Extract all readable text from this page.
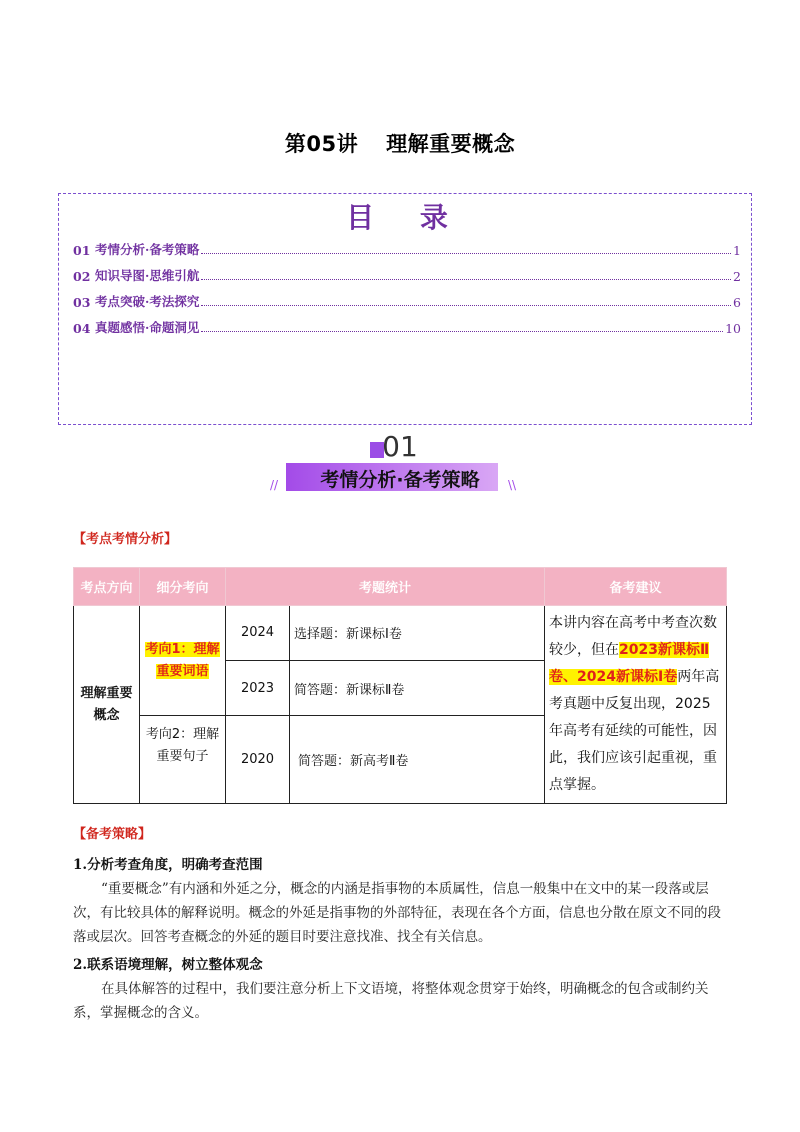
第05讲 理解重要概念
目 录
01 考情分析·备考策略	1
02 知识导图·思维引航	2
03 考点突破·考法探究	6
04 真题感悟·命题洞见	10
01
//	\\
考情分析·备考策略
【考点考情分析】
考点方向	细分考向	考题统计		备考建议
理解重要概念	考向1：理解重要词语	2024	选择题：新课标Ⅰ卷	本讲内容在高考中考查次数较少，但在2023新课标Ⅱ卷、2024新课标Ⅰ卷两年高考真题中反复出现，2025年高考有延续的可能性，因此，我们应该引起重视，重点掌握。
		2023	简答题：新课标Ⅱ卷	
	考向2：理解重要句子	2020	简答题：新高考Ⅱ卷	
【备考策略】
1.分析考查角度，明确考查范围
“重要概念”有内涵和外延之分，概念的内涵是指事物的本质属性，信息一般集中在文中的某一段落或层次，有比较具体的解释说明。概念的外延是指事物的外部特征，表现在各个方面，信息也分散在原文不同的段落或层次。回答考查概念的外延的题目时要注意找准、找全有关信息。
2.联系语境理解，树立整体观念
在具体解答的过程中，我们要注意分析上下文语境，将整体观念贯穿于始终，明确概念的包含或制约关系，掌握概念的含义。
